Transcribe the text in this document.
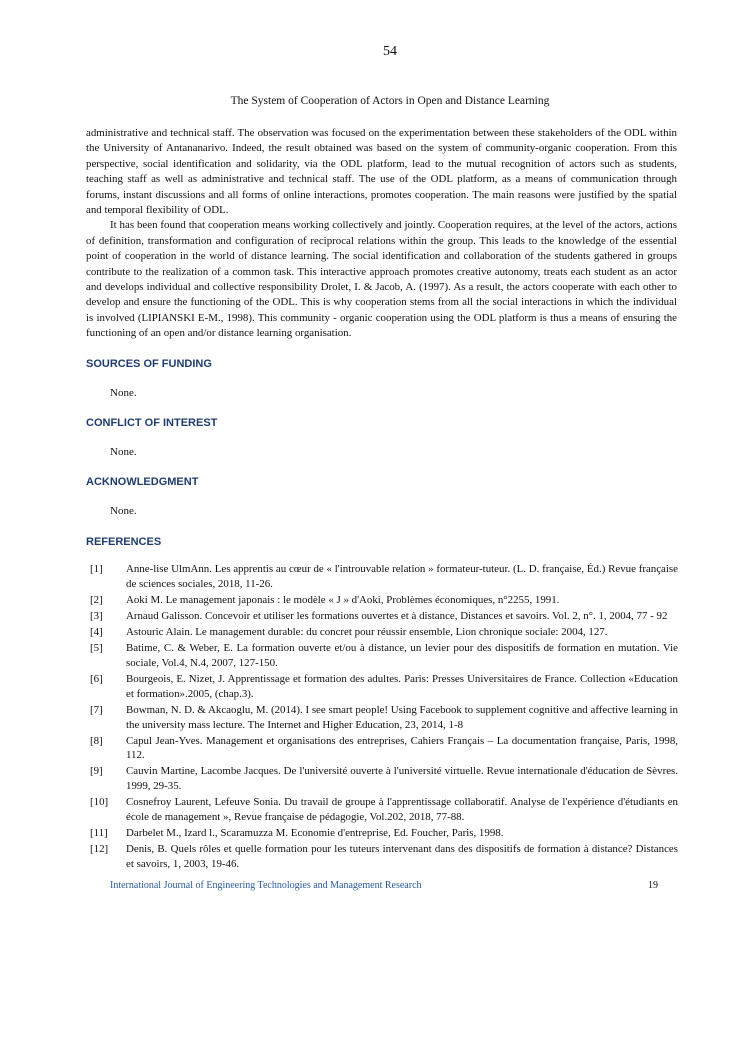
54
The System of Cooperation of Actors in Open and Distance Learning

administrative and technical staff. The observation was focused on the experimentation between these stakeholders of the ODL within the University of Antananarivo. Indeed, the result obtained was based on the system of community-organic cooperation. From this perspective, social identification and solidarity, via the ODL platform, lead to the mutual recognition of actors such as students, teaching staff as well as administrative and technical staff. The use of the ODL platform, as a means of communication through forums, instant discussions and all forms of online interactions, promotes cooperation. The main reasons were justified by the spatial and temporal flexibility of ODL.

It has been found that cooperation means working collectively and jointly. Cooperation requires, at the level of the actors, actions of definition, transformation and configuration of reciprocal relations within the group. This leads to the knowledge of the essential point of cooperation in the world of distance learning. The social identification and collaboration of the students gathered in groups contribute to the realization of a common task. This interactive approach promotes creative autonomy, treats each student as an actor and develops individual and collective responsibility Drolet, I. & Jacob, A. (1997). As a result, the actors cooperate with each other to develop and ensure the functioning of the ODL. This is why cooperation stems from all the social interactions in which the individual is involved (LIPIANSKI E-M., 1998). This community - organic cooperation using the ODL platform is thus a means of ensuring the functioning of an open and/or distance learning organisation.

SOURCES OF FUNDING
None.
CONFLICT OF INTEREST
None.
ACKNOWLEDGMENT
None.
REFERENCES
[1]	Anne-lise UlmAnn. Les apprentis au cœur de « l'introuvable relation » formateur-tuteur. (L. D. française, Éd.) Revue française de sciences sociales, 2018, 11-26.
[2]	Aoki M. Le management japonais : le modèle « J » d'Aoki, Problèmes économiques, n°2255, 1991.
[3]	Arnaud Galisson. Concevoir et utiliser les formations ouvertes et à distance, Distances et savoirs. Vol. 2, n°. 1, 2004, 77 - 92
[4]	Astouric Alain. Le management durable: du concret pour réussir ensemble, Lion chronique sociale: 2004, 127.
[5]	Batime, C. & Weber, E. La formation ouverte et/ou à distance, un levier pour des dispositifs de formation en mutation. Vie sociale, Vol.4, N.4, 2007, 127-150.
[6]	Bourgeois, E. Nizet, J. Apprentissage et formation des adultes. Paris: Presses Universitaires de France. Collection «Education et formation».2005, (chap.3).
[7]	Bowman, N. D. & Akcaoglu, M. (2014). I see smart people! Using Facebook to supplement cognitive and affective learning in the university mass lecture. The Internet and Higher Education, 23, 2014, 1-8
[8]	Capul Jean-Yves. Management et organisations des entreprises, Cahiers Français – La documentation française, Paris, 1998, 112.
[9]	Cauvin Martine, Lacombe Jacques. De l'université ouverte à l'université virtuelle. Revue internationale d'éducation de Sèvres. 1999, 29-35.
[10]	Cosnefroy Laurent, Lefeuve Sonia. Du travail de groupe à l'apprentissage collaboratif. Analyse de l'expérience d'étudiants en école de management », Revue française de pédagogie, Vol.202, 2018, 77-88.
[11]	Darbelet M., Izard l., Scaramuzza M. Economie d'entreprise, Ed. Foucher, Paris, 1998.
[12]	Denis, B. Quels rôles et quelle formation pour les tuteurs intervenant dans des dispositifs de formation à distance? Distances et savoirs, 1, 2003, 19-46.
International Journal of Engineering Technologies and Management Research	19
